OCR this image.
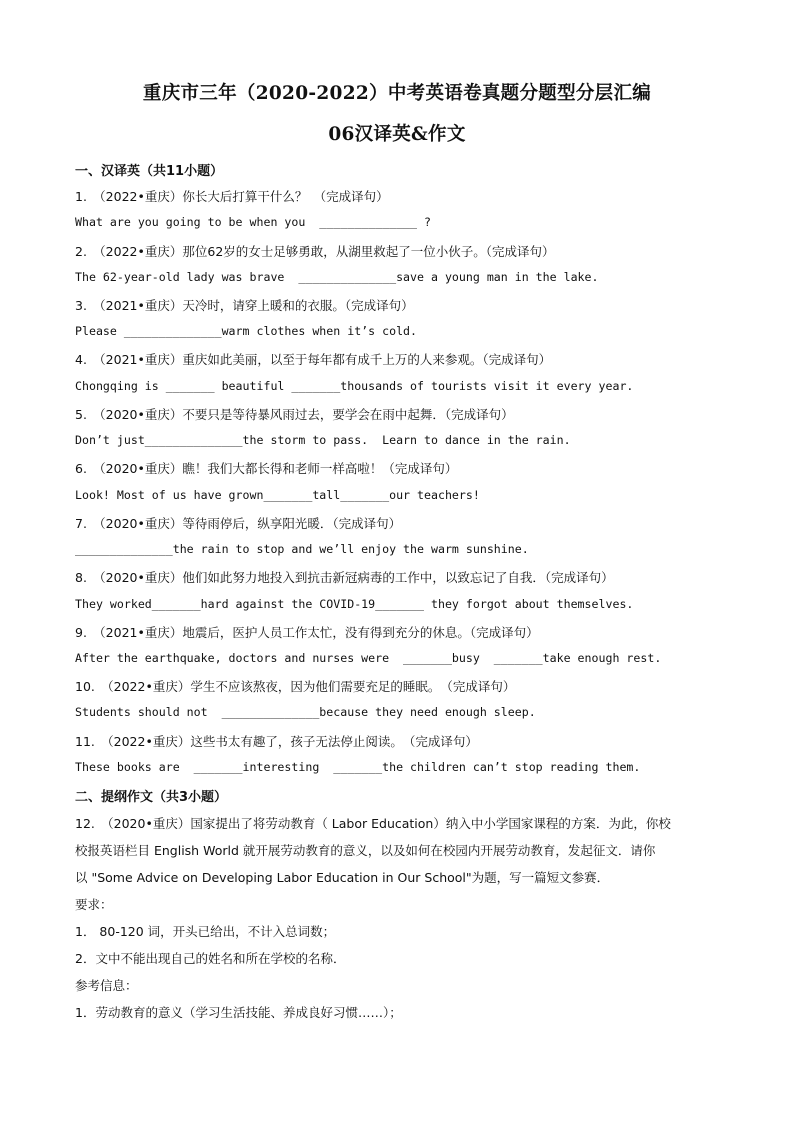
重庆市三年（2020-2022）中考英语卷真题分题型分层汇编
06汉译英&作文
一、汉译英（共11小题）
1.　（2022•重庆）你长大后打算干什么？　（完成译句）
What are you going to be when you  ______________ ?
2.　（2022•重庆）那位62岁的女士足够勇敢，从湖里救起了一位小伙子。（完成译句）
The 62‐year‐old lady was brave  ______________save a young man in the lake.
3.　（2021•重庆）天冷时，请穿上暖和的衣服。（完成译句）
Please ______________warm clothes when it’s cold.
4.　（2021•重庆）重庆如此美丽，以至于每年都有成千上万的人来参观。（完成译句）
Chongqing is _______ beautiful _______thousands of tourists visit it every year.
5.　（2020•重庆）不要只是等待暴风雨过去，要学会在雨中起舞．（完成译句）
Don’t just______________the storm to pass.  Learn to dance in the rain.
6.　（2020•重庆）瞧！我们大都长得和老师一样高啦！（完成译句）
Look! Most of us have grown_______tall_______our teachers!
7.　（2020•重庆）等待雨停后，纵享阳光暖．（完成译句）
______________the rain to stop and we’ll enjoy the warm sunshine.
8.　（2020•重庆）他们如此努力地投入到抗击新冠病毒的工作中，以致忘记了自我．（完成译句）
They worked_______hard against the COVID‐19_______ they forgot about themselves.
9.　（2021•重庆）地震后，医护人员工作太忙，没有得到充分的休息。（完成译句）
After the earthquake, doctors and nurses were  _______busy  _______take enough rest.
10.　（2022•重庆）学生不应该熬夜，因为他们需要充足的睡眠。　（完成译句）
Students should not  ______________because they need enough sleep.
11.　（2022•重庆）这些书太有趣了，孩子无法停止阅读。　（完成译句）
These books are  _______interesting  _______the children can’t stop reading them.
二、提纲作文（共3小题）
12.　（2020•重庆）国家提出了将劳动教育（ Labor Education）纳入中小学国家课程的方案．为此，你校
校报英语栏目 English World 就开展劳动教育的意义，以及如何在校园内开展劳动教育，发起征文．请你
以 "Some Advice on Developing Labor Education in Our School"为题，写一篇短文参赛．
要求：
1． 80‐120 词，开头已给出，不计入总词数；
2．文中不能出现自己的姓名和所在学校的名称．
参考信息：
1．劳动教育的意义（学习生活技能、养成良好习惯……）；
